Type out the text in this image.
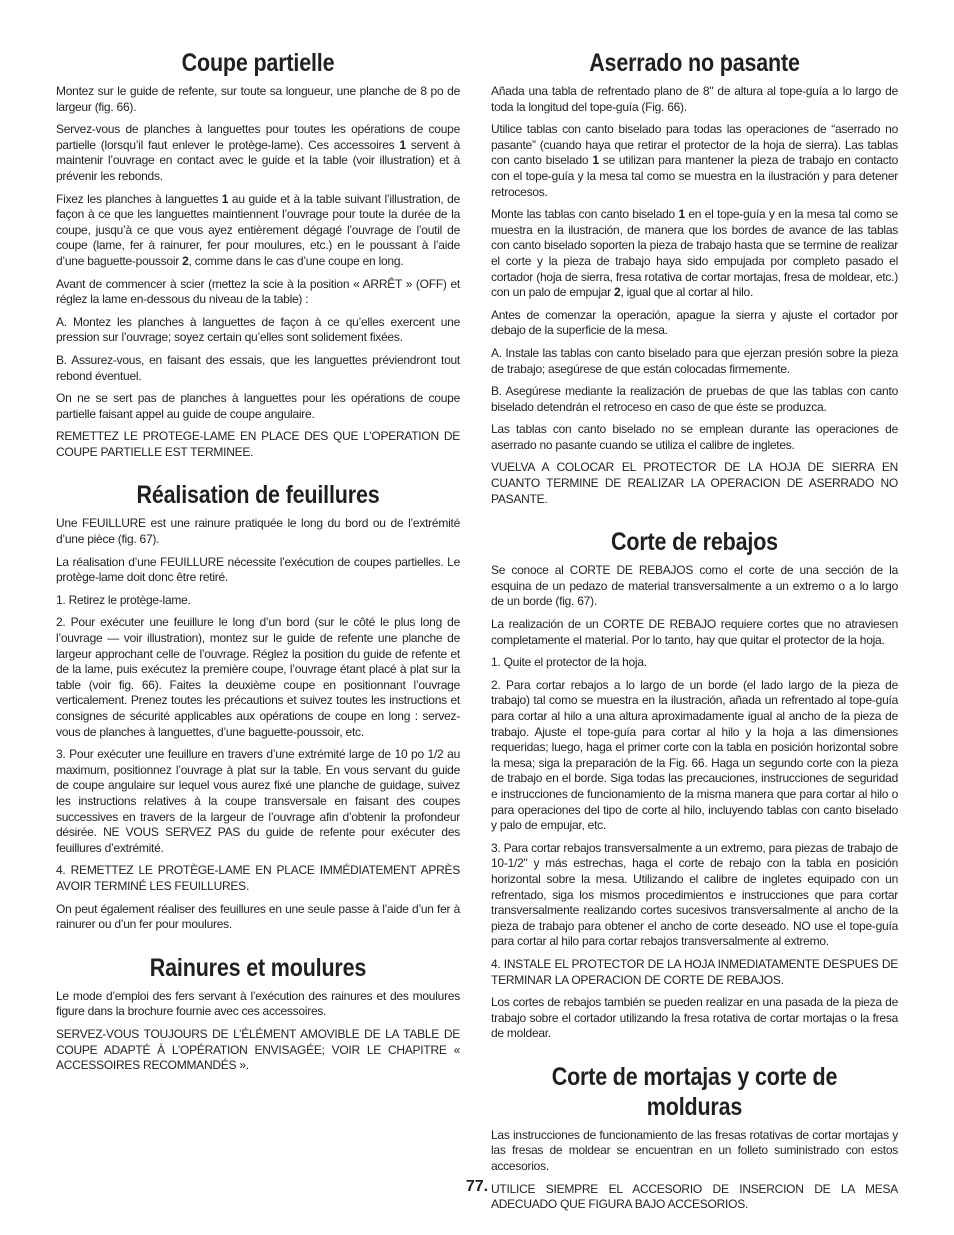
Coupe partielle

Montez sur le guide de refente, sur toute sa longueur, une planche de 8 po de largeur (fig. 66).

Servez-vous de planches à languettes pour toutes les opérations de coupe partielle (lorsqu’il faut enlever le protège-lame). Ces accessoires 1 servent à maintenir l’ouvrage en contact avec le guide et la table (voir illustration) et à prévenir les rebonds.

Fixez les planches à languettes 1 au guide et à la table suivant l’illustration, de façon à ce que les languettes maintiennent l’ouvrage pour toute la durée de la coupe, jusqu’à ce que vous ayez entièrement dégagé l’ouvrage de l’outil de coupe (lame, fer à rainurer, fer pour moulures, etc.) en le poussant à l’aide d’une baguette-poussoir 2, comme dans le cas d’une coupe en long.

Avant de commencer à scier (mettez la scie à la position « ARRÊT » (OFF) et réglez la lame en-dessous du niveau de la table) :

A. Montez les planches à languettes de façon à ce qu’elles exercent une pression sur l’ouvrage; soyez certain qu’elles sont solidement fixées.

B. Assurez-vous, en faisant des essais, que les languettes préviendront tout rebond éventuel.

On ne se sert pas de planches à languettes pour les opérations de coupe partielle faisant appel au guide de coupe angulaire.

REMETTEZ LE PROTEGE-LAME EN PLACE DES QUE L’OPERATION DE COUPE PARTIELLE EST TERMINEE.

Réalisation de feuillures

Une FEUILLURE est une rainure pratiquée le long du bord ou de l’extrémité d’une pièce (fig. 67).

La réalisation d’une FEUILLURE nécessite l’exécution de coupes partielles. Le protège-lame doit donc être retiré.

1. Retirez le protège-lame.

2. Pour exécuter une feuillure le long d’un bord (sur le côté le plus long de l’ouvrage — voir illustration), montez sur le guide de refente une planche de largeur approchant celle de l’ouvrage. Réglez la position du guide de refente et de la lame, puis exécutez la première coupe, l’ouvrage étant placé à plat sur la table (voir fig. 66). Faites la deuxième coupe en positionnant l’ouvrage verticalement. Prenez toutes les précautions et suivez toutes les instructions et consignes de sécurité applicables aux opérations de coupe en long : servez-vous de planches à languettes, d’une baguette-poussoir, etc.

3. Pour exécuter une feuillure en travers d’une extrémité large de 10 po 1/2 au maximum, positionnez l’ouvrage à plat sur la table. En vous servant du guide de coupe angulaire sur lequel vous aurez fixé une planche de guidage, suivez les instructions relatives à la coupe transversale en faisant des coupes successives en travers de la largeur de l’ouvrage afin d’obtenir la profondeur désirée. NE VOUS SERVEZ PAS du guide de refente pour exécuter des feuillures d’extrémité.

4. REMETTEZ LE PROTÈGE-LAME EN PLACE IMMÉDIATEMENT APRÈS AVOIR TERMINÉ LES FEUILLURES.

On peut également réaliser des feuillures en une seule passe à l’aide d’un fer à rainurer ou d’un fer pour moulures.

Rainures et moulures

Le mode d’emploi des fers servant à l’exécution des rainures et des moulures figure dans la brochure fournie avec ces accessoires.

SERVEZ-VOUS TOUJOURS DE L’ÉLÉMENT AMOVIBLE DE LA TABLE DE COUPE ADAPTÉ À L’OPÉRATION ENVISAGÉE; VOIR LE CHAPITRE « ACCESSOIRES RECOMMANDÉS ».

Aserrado no pasante

Añada una tabla de refrentado plano de 8" de altura al tope-guía a lo largo de toda la longitud del tope-guía (Fig. 66).

Utilice tablas con canto biselado para todas las operaciones de “aserrado no pasante” (cuando haya que retirar el protector de la hoja de sierra). Las tablas con canto biselado 1 se utilizan para mantener la pieza de trabajo en contacto con el tope-guía y la mesa tal como se muestra en la ilustración y para detener retrocesos.

Monte las tablas con canto biselado 1 en el tope-guía y en la mesa tal como se muestra en la ilustración, de manera que los bordes de avance de las tablas con canto biselado soporten la pieza de trabajo hasta que se termine de realizar el corte y la pieza de trabajo haya sido empujada por completo pasado el cortador (hoja de sierra, fresa rotativa de cortar mortajas, fresa de moldear, etc.) con un palo de empujar 2, igual que al cortar al hilo.

Antes de comenzar la operación, apague la sierra y ajuste el cortador por debajo de la superficie de la mesa.

A. Instale las tablas con canto biselado para que ejerzan presión sobre la pieza de trabajo; asegúrese de que están colocadas firmemente.

B. Asegúrese mediante la realización de pruebas de que las tablas con canto biselado detendrán el retroceso en caso de que éste se produzca.

Las tablas con canto biselado no se emplean durante las operaciones de aserrado no pasante cuando se utiliza el calibre de ingletes.

VUELVA A COLOCAR EL PROTECTOR DE LA HOJA DE SIERRA EN CUANTO TERMINE DE REALIZAR LA OPERACION DE ASERRADO NO PASANTE.

Corte de rebajos

Se conoce al CORTE DE REBAJOS como el corte de una sección de la esquina de un pedazo de material transversalmente a un extremo o a lo largo de un borde (fig. 67).

La realización de un CORTE DE REBAJO requiere cortes que no atraviesen completamente el material. Por lo tanto, hay que quitar el protector de la hoja.

1. Quite el protector de la hoja.

2. Para cortar rebajos a lo largo de un borde (el lado largo de la pieza de trabajo) tal como se muestra en la ilustración, añada un refrentado al tope-guía para cortar al hilo a una altura aproximadamente igual al ancho de la pieza de trabajo. Ajuste el tope-guía para cortar al hilo y la hoja a las dimensiones requeridas; luego, haga el primer corte con la tabla en posición horizontal sobre la mesa; siga la preparación de la Fig. 66. Haga un segundo corte con la pieza de trabajo en el borde. Siga todas las precauciones, instrucciones de seguridad e instrucciones de funcionamiento de la misma manera que para cortar al hilo o para operaciones del tipo de corte al hilo, incluyendo tablas con canto biselado y palo de empujar, etc.

3. Para cortar rebajos transversalmente a un extremo, para piezas de trabajo de 10-1/2" y más estrechas, haga el corte de rebajo con la tabla en posición horizontal sobre la mesa. Utilizando el calibre de ingletes equipado con un refrentado, siga los mismos procedimientos e instrucciones que para cortar transversalmente realizando cortes sucesivos transversalmente al ancho de la pieza de trabajo para obtener el ancho de corte deseado. NO use el tope-guía para cortar al hilo para cortar rebajos transversalmente al extremo.

4. INSTALE EL PROTECTOR DE LA HOJA INMEDIATAMENTE DESPUES DE TERMINAR LA OPERACION DE CORTE DE REBAJOS.

Los cortes de rebajos también se pueden realizar en una pasada de la pieza de trabajo sobre el cortador utilizando la fresa rotativa de cortar mortajas o la fresa de moldear.

Corte de mortajas y corte de molduras

Las instrucciones de funcionamiento de las fresas rotativas de cortar mortajas y las fresas de moldear se encuentran en un folleto suministrado con estos accesorios.

UTILICE SIEMPRE EL ACCESORIO DE INSERCION DE LA MESA ADECUADO QUE FIGURA BAJO ACCESORIOS.

77.
